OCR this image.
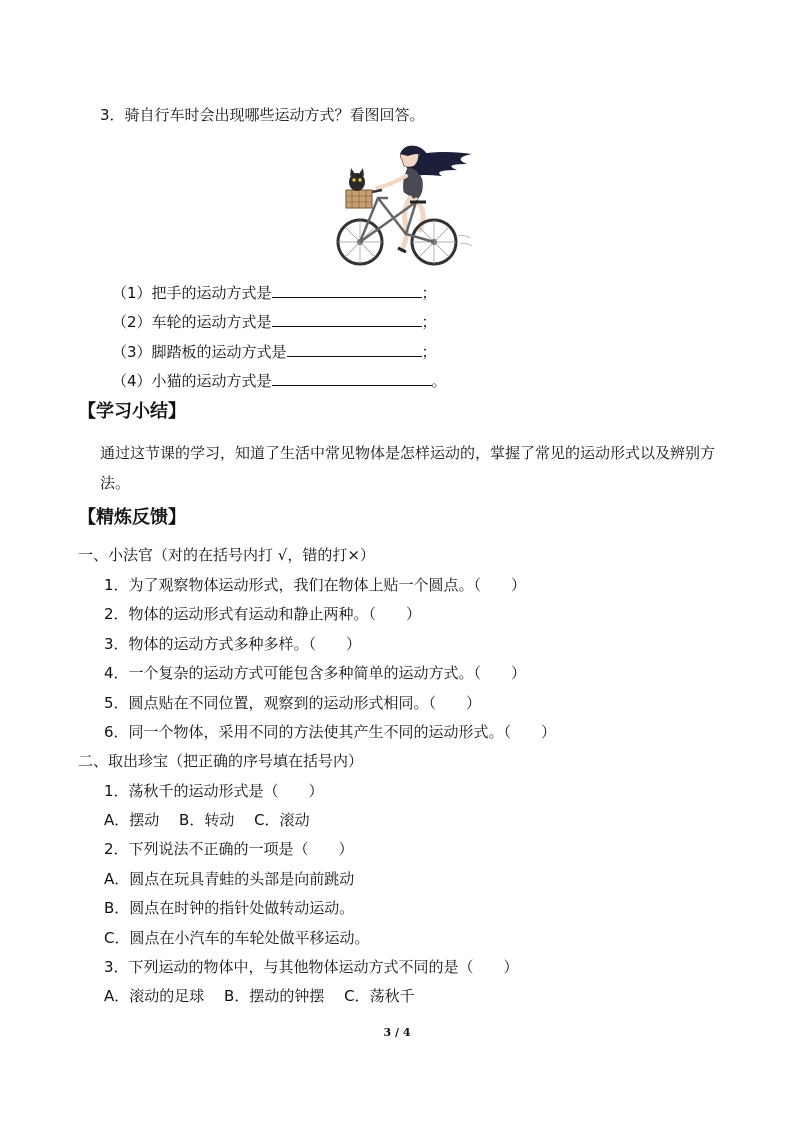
3．骑自行车时会出现哪些运动方式？看图回答。
（1）把手的运动方式是	；
（2）车轮的运动方式是	；
（3）脚踏板的运动方式是	；
（4）小猫的运动方式是	。
【学习小结】
通过这节课的学习，知道了生活中常见物体是怎样运动的，掌握了常见的运动形式以及辨别方法。
【精炼反馈】
一、小法官（对的在括号内打 √，错的打×）
1．为了观察物体运动形式，我们在物体上贴一个圆点。（　　）
2．物体的运动形式有运动和静止两种。（　　）
3．物体的运动方式多种多样。（　　）
4．一个复杂的运动方式可能包含多种简单的运动方式。（　　）
5．圆点贴在不同位置，观察到的运动形式相同。（　　）
6．同一个物体，采用不同的方法使其产生不同的运动形式。（　　）
二、取出珍宝（把正确的序号填在括号内）
1．荡秋千的运动形式是（　　）
A．摆动　 B．转动　 C．滚动
2．下列说法不正确的一项是（　　）
A．圆点在玩具青蛙的头部是向前跳动
B．圆点在时钟的指针处做转动运动。
C．圆点在小汽车的车轮处做平移运动。
3．下列运动的物体中，与其他物体运动方式不同的是（　　）
A．滚动的足球　 B．摆动的钟摆　 C．荡秋千
3 / 4
